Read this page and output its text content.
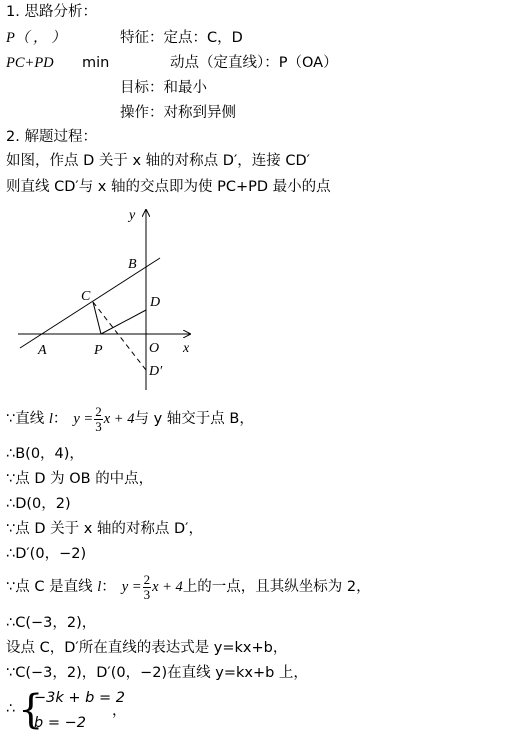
1. 思路分析：
P（ ， ）	特征：定点：C，D
PC+PD min	动点（定直线）：P（OA）
目标：和最小
操作：对称到异侧
2. 解题过程：
如图，作点 D 关于 x 轴的对称点 D′，连接 CD′
则直线 CD′与 x 轴的交点即为使 PC+PD 最小的点
y
x
B
C	D
A	P	O
D′
∵直线 l： $y = \frac{2}{3}$ x + 4与 y 轴交于点 B，
∴B(0，4)，
∵点 D 为 OB 的中点，
∴D(0，2)
∵点 D 关于 x 轴的对称点 D′，
∴D′(0，−2)
∵点 C 是直线 l： $y = \frac{2}{3}$ x + 4上的一点，且其纵坐标为 2，
∴C(−3，2)，
设点 C，D′所在直线的表达式是 y=kx+b，
∵C(−3，2)，D′(0，−2)在直线 y=kx+b 上，
∴ {
−3k + b = 2
b = −2
，
